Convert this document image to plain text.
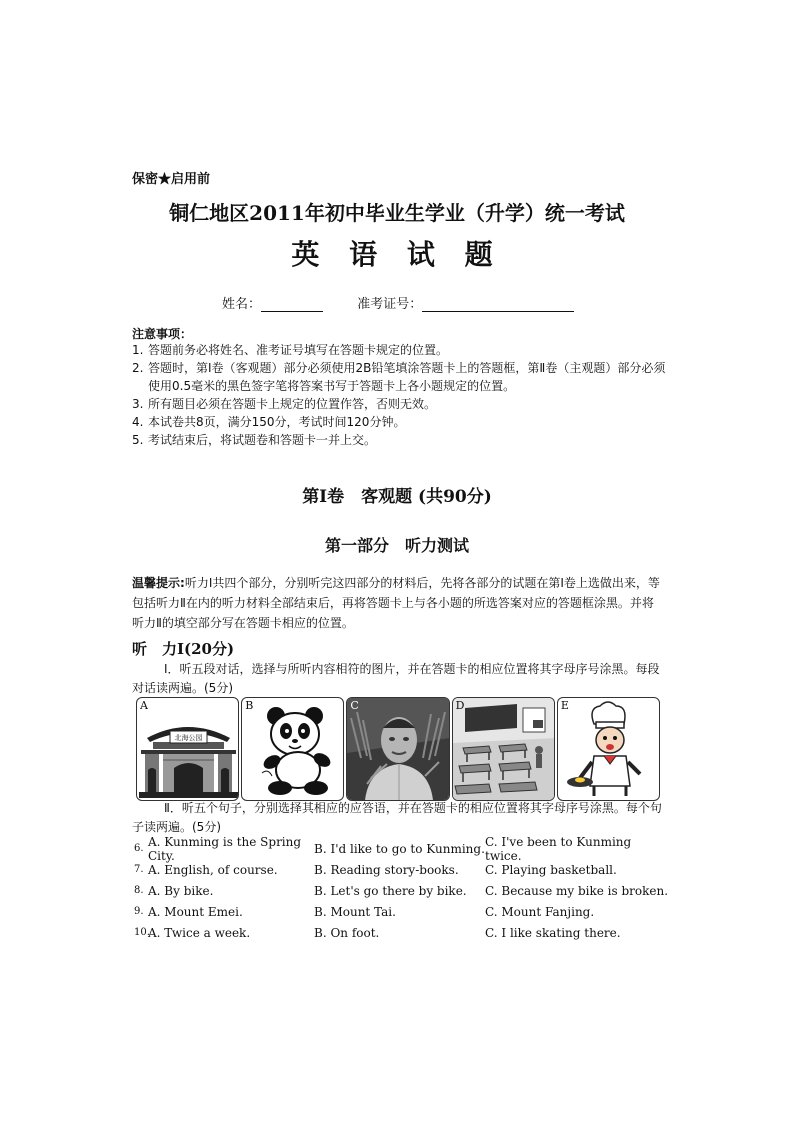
保密★启用前
铜仁地区2011年初中毕业生学业（升学）统一考试
英 语 试 题
姓名：	准考证号：
注意事项：
1. 答题前务必将姓名、准考证号填写在答题卡规定的位置。
2. 答题时，第Ⅰ卷（客观题）部分必须使用2B铅笔填涂答题卡上的答题框，第Ⅱ卷（主观题）部分必须使用0.5毫米的黑色签字笔将答案书写于答题卡上各小题规定的位置。
3. 所有题目必须在答题卡上规定的位置作答，否则无效。
4. 本试卷共8页，满分150分，考试时间120分钟。
5. 考试结束后，将试题卷和答题卡一并上交。
第Ⅰ卷　客观题 (共90分)
第一部分　听力测试
温馨提示:听力Ⅰ共四个部分，分别听完这四部分的材料后，先将各部分的试题在第Ⅰ卷上选做出来，等包括听力Ⅱ在内的听力材料全部结束后，再将答题卡上与各小题的所选答案对应的答题框涂黑。并将听力Ⅱ的填空部分写在答题卡相应的位置。
听　力Ⅰ(20分)
Ⅰ．听五段对话，选择与所听内容相符的图片，并在答题卡的相应位置将其字母序号涂黑。每段对话读两遍。(5分)
A
北海公园
B	C	D	E
Ⅱ．听五个句子，分别选择其相应的应答语，并在答题卡的相应位置将其字母序号涂黑。每个句子读两遍。(5分)
6. A. Kunming is the Spring City.	B. I'd like to go to Kunming. C. I've been to Kunming twice.
7. A. English, of course.	B. Reading story-books.	C. Playing basketball.
8. A. By bike.	B. Let's go there by bike.	C. Because my bike is broken.
9. A. Mount Emei.	B. Mount Tai.	C. Mount Fanjing.
10.
A. Twice a week.	B. On foot.	C. I like skating there.
